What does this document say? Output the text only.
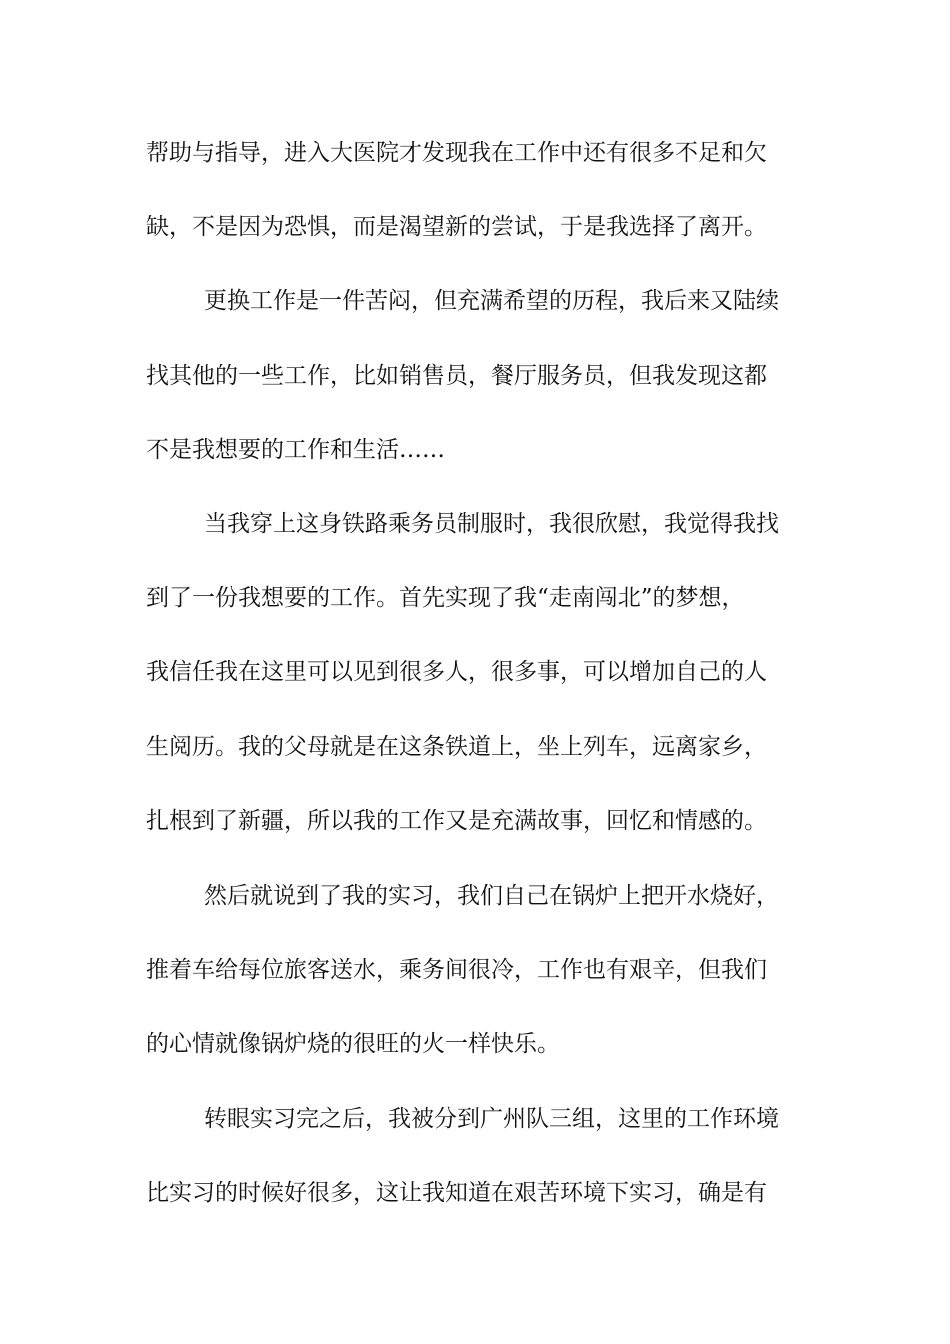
帮助与指导，进入大医院才发现我在工作中还有很多不足和欠
缺，不是因为恐惧，而是渴望新的尝试，于是我选择了离开。
更换工作是一件苦闷，但充满希望的历程，我后来又陆续
找其他的一些工作，比如销售员，餐厅服务员，但我发现这都
不是我想要的工作和生活……
当我穿上这身铁路乘务员制服时，我很欣慰，我觉得我找
到了一份我想要的工作。首先实现了我“走南闯北”的梦想，
我信任我在这里可以见到很多人，很多事，可以增加自己的人
生阅历。我的父母就是在这条铁道上，坐上列车，远离家乡，
扎根到了新疆，所以我的工作又是充满故事，回忆和情感的。
然后就说到了我的实习，我们自己在锅炉上把开水烧好，
推着车给每位旅客送水，乘务间很冷，工作也有艰辛，但我们
的心情就像锅炉烧的很旺的火一样快乐。
转眼实习完之后，我被分到广州队三组，这里的工作环境
比实习的时候好很多，这让我知道在艰苦环境下实习，确是有
